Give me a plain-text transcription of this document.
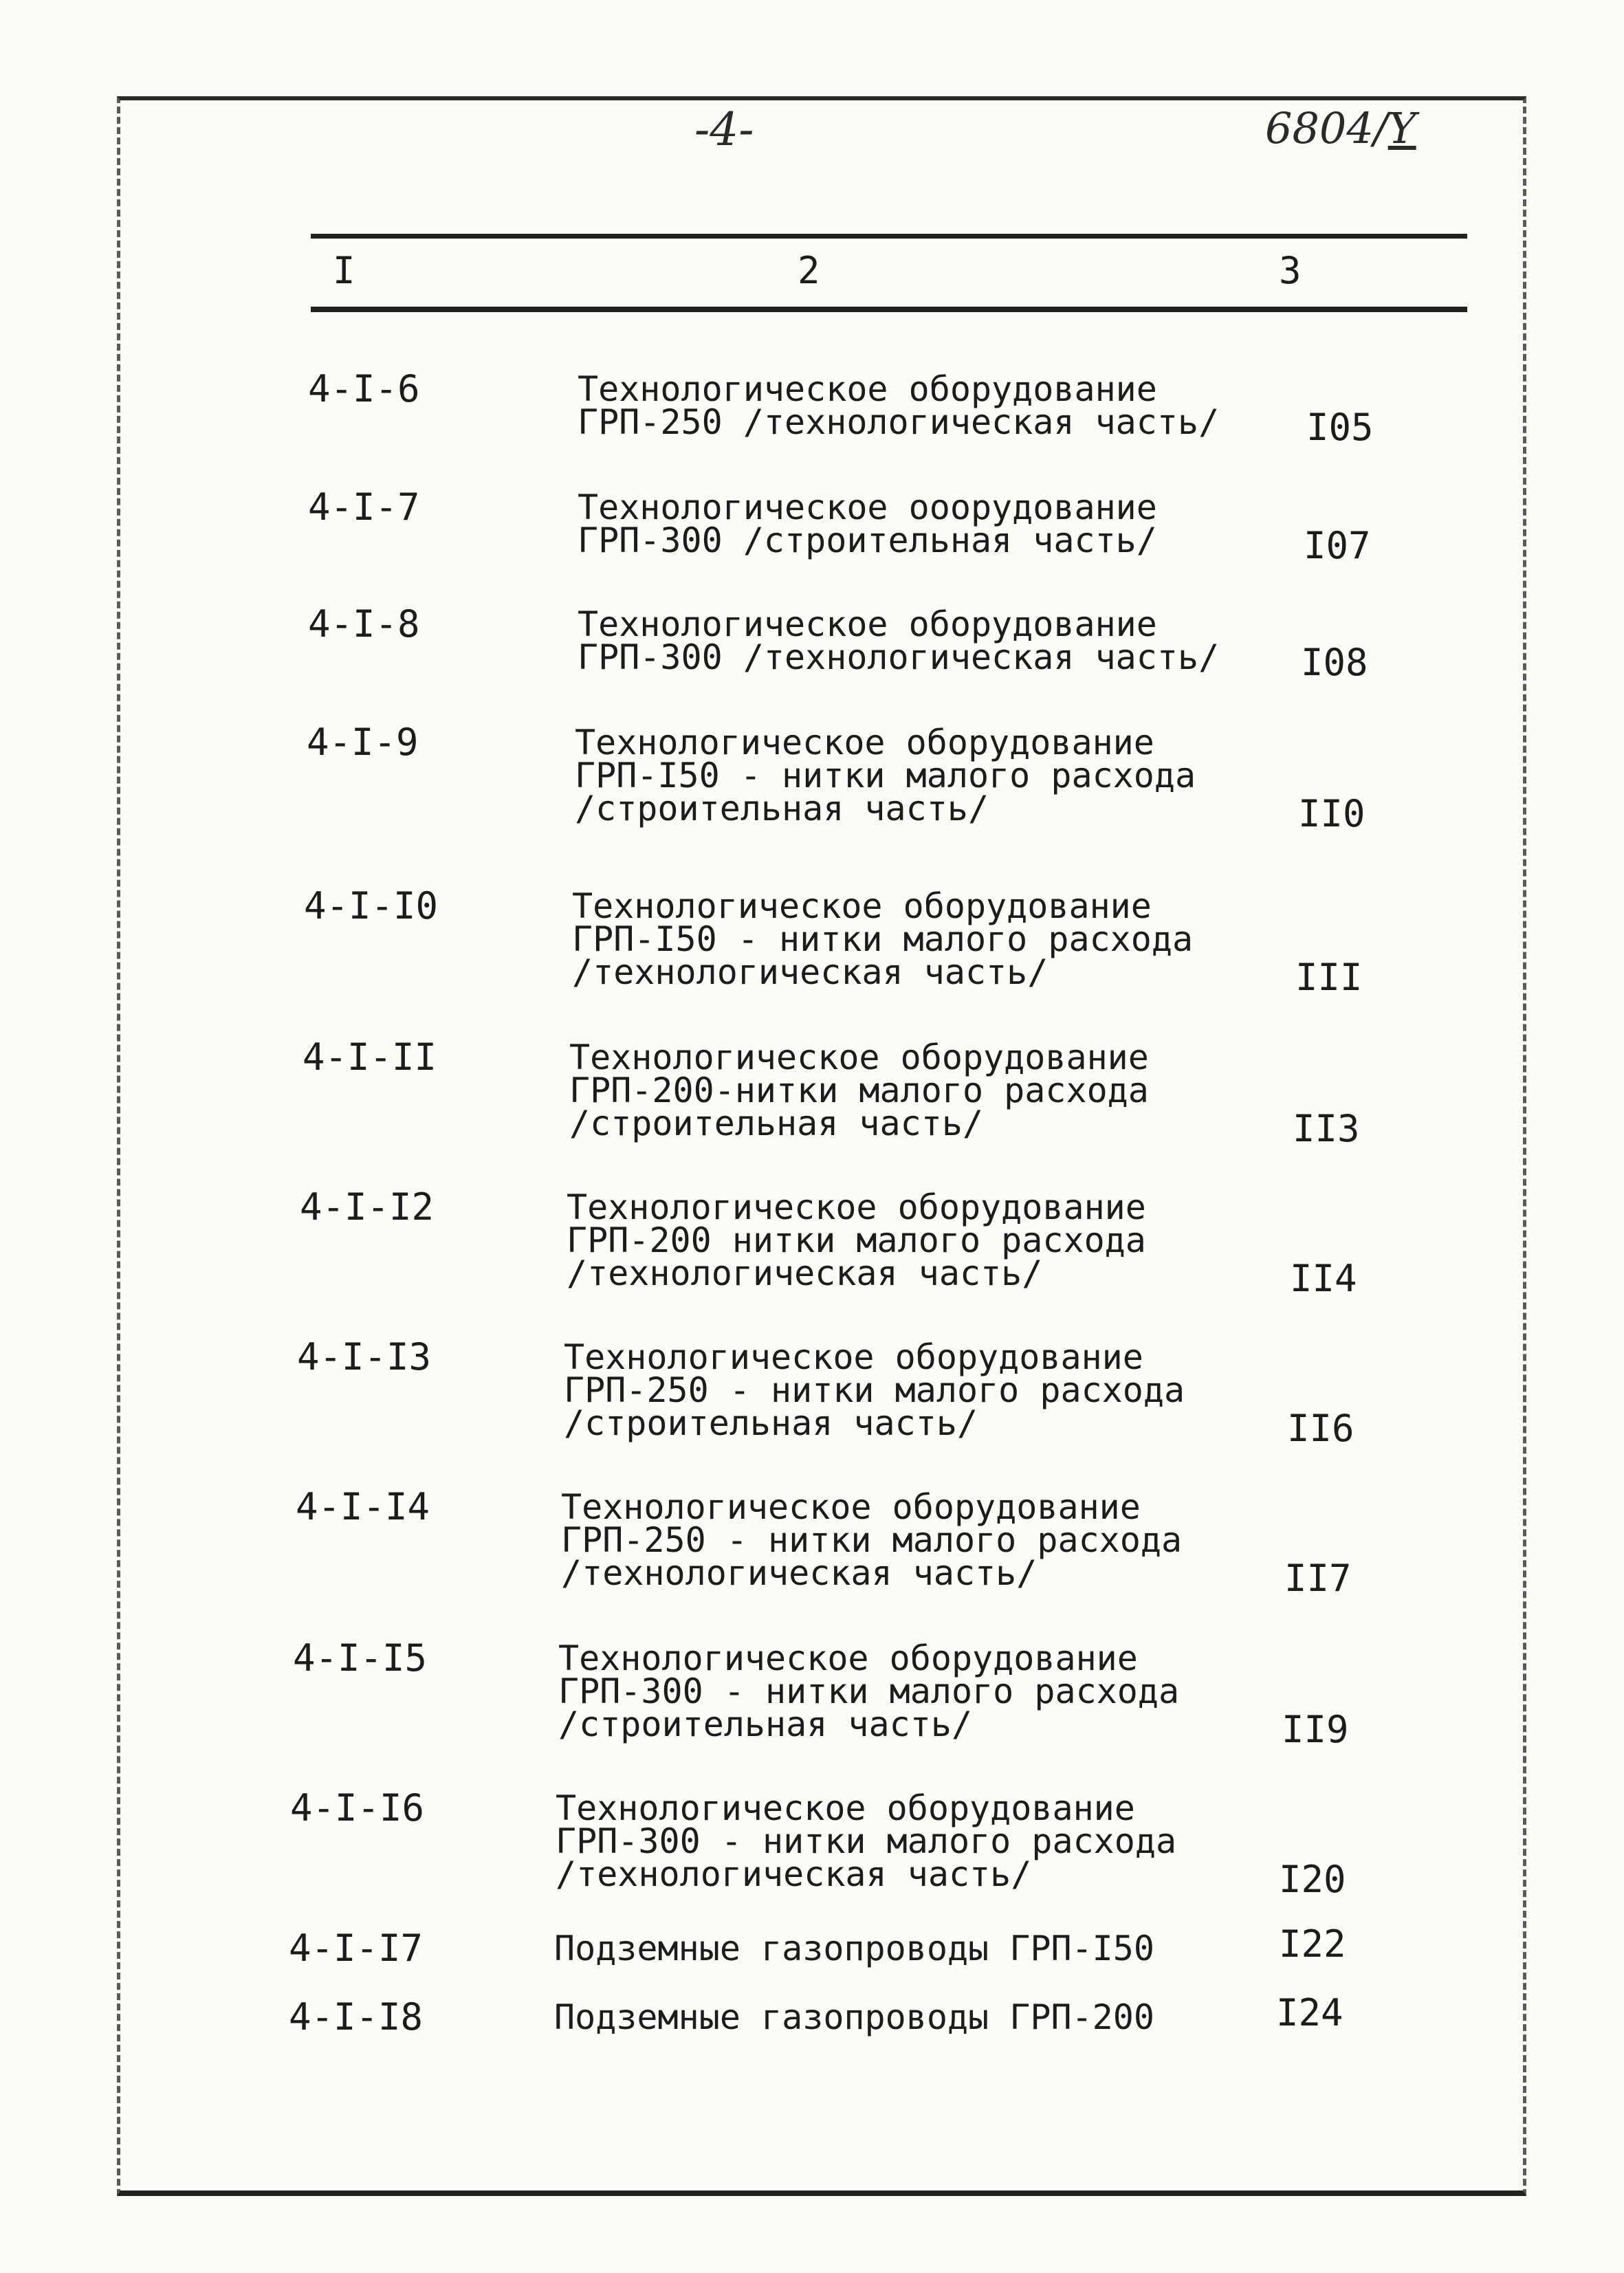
-4-	6804/Y
I	2	3
4-I-6	Технологическое оборудование
ГРП-250 /технологическая часть/ I05
4-I-7	Технологическое ооорудование
ГРП-300 /строительная часть/	I07
4-I-8	Технологическое оборудование
ГРП-300 /технологическая часть/ I08
4-I-9	Технологическое оборудование
ГРП-I50 - нитки малого расхода
/строительная часть/	II0
4-I-I0	Технологическое оборудование
ГРП-I50 - нитки малого расхода
/технологическая часть/	III
4-I-II	Технологическое оборудование
ГРП-200-нитки малого расхода
/строительная часть/	II3
4-I-I2	Технологическое оборудование
ГРП-200 нитки малого расхода
/технологическая часть/	II4
4-I-I3	Технологическое оборудование
ГРП-250 - нитки малого расхода
/строительная часть/	II6
4-I-I4	Технологическое оборудование
ГРП-250 - нитки малого расхода
/технологическая часть/	II7
4-I-I5	Технологическое оборудование
ГРП-300 - нитки малого расхода
/строительная часть/	II9
4-I-I6	Технологическое оборудование
ГРП-300 - нитки малого расхода
/технологическая часть/	I20
4-I-I7	Подземные газопроводы ГРП-I50	I22
4-I-I8	Подземные газопроводы ГРП-200	I24
